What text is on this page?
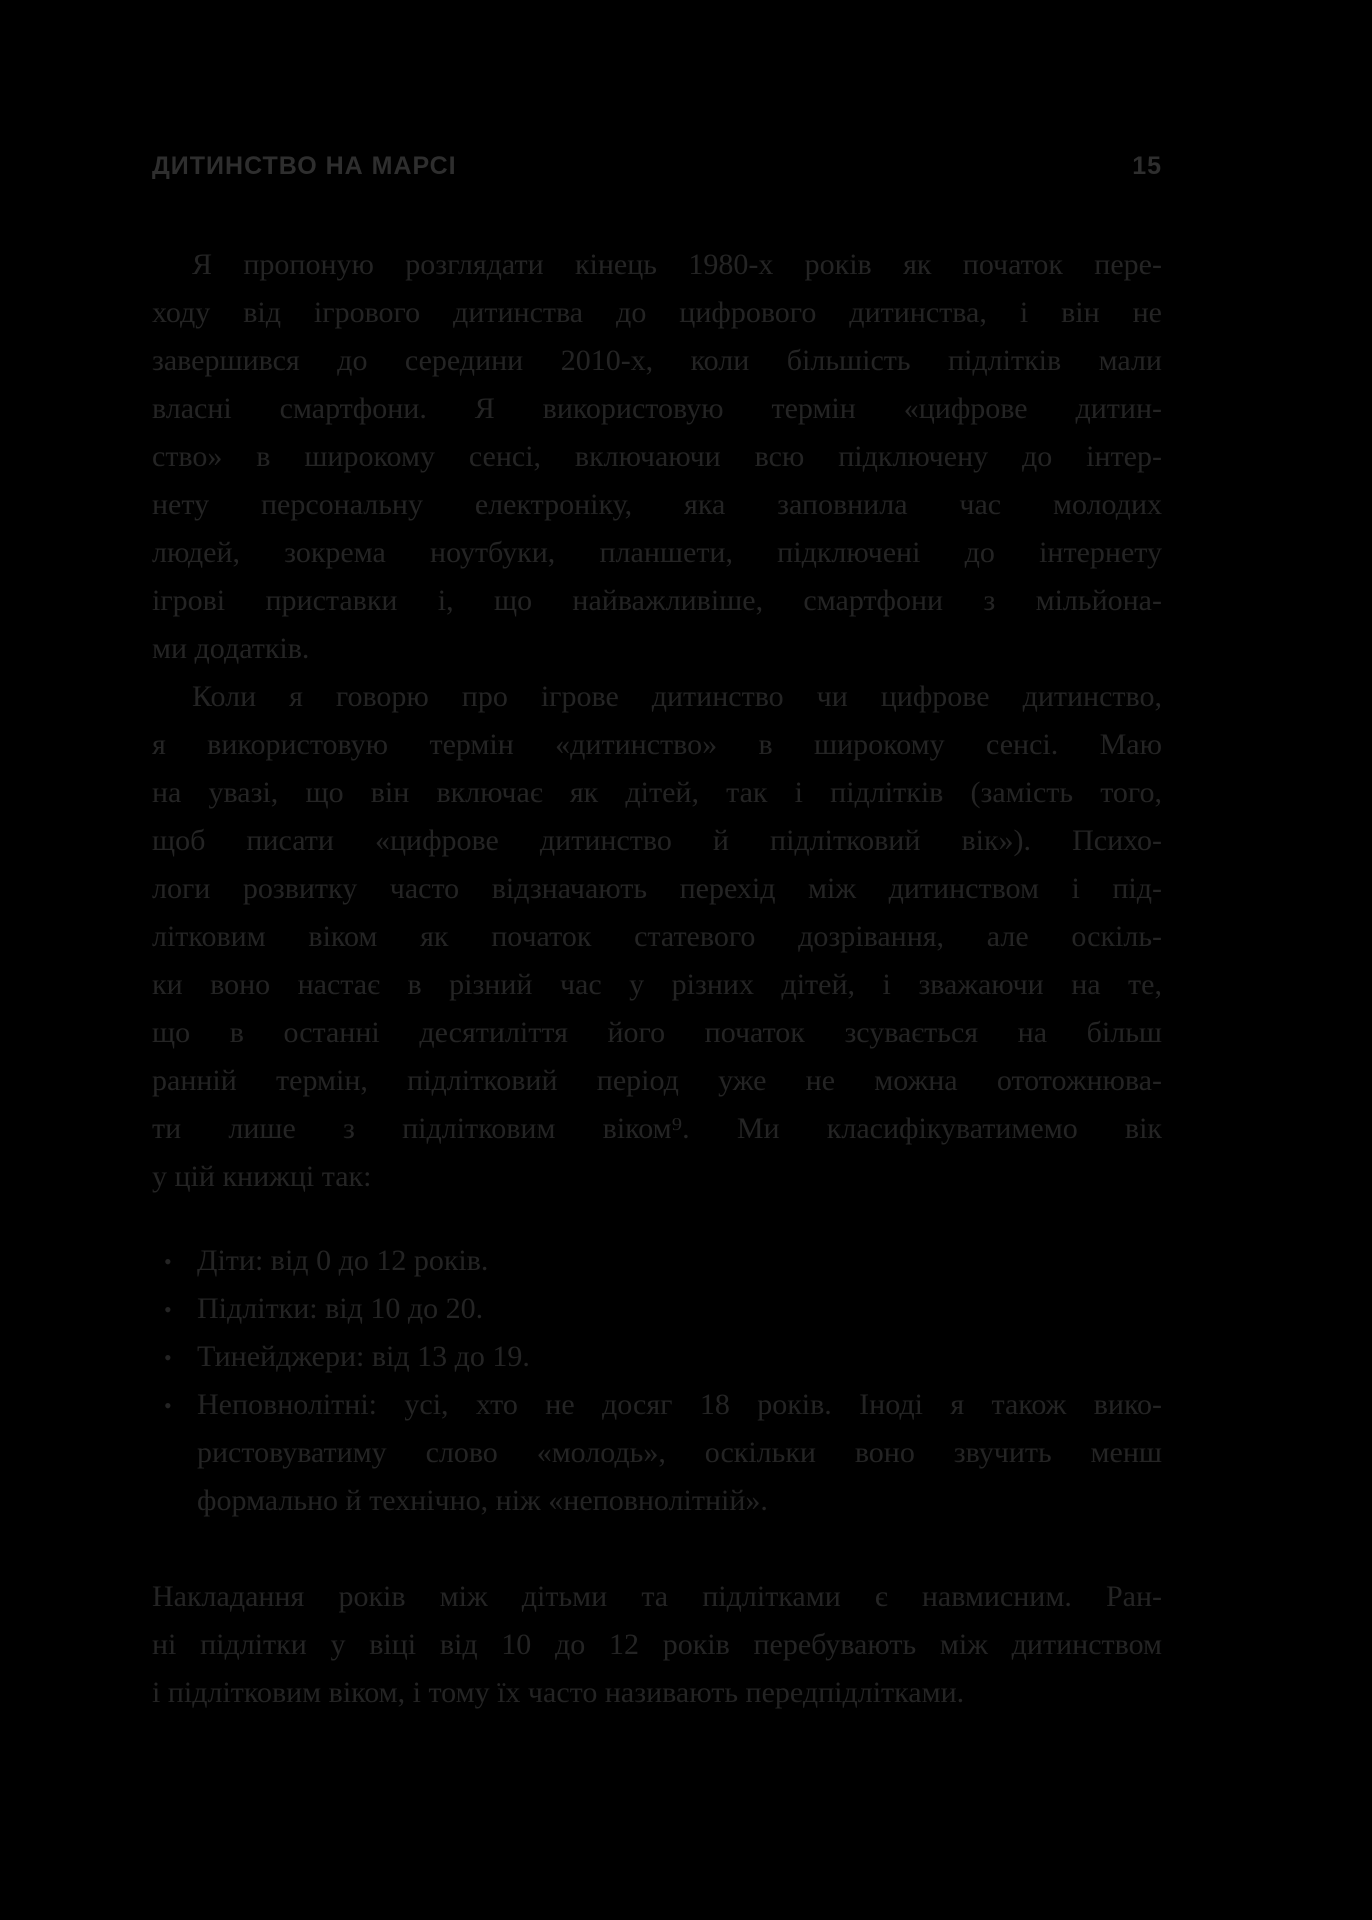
ДИТИНСТВО НА МАРСІ	15
Я пропоную розглядати кінець 1980-х років як початок пере-
ходу від ігрового дитинства до цифрового дитинства, і він не
завершився до середини 2010-х, коли більшість підлітків мали
власні смартфони. Я використовую термін «цифрове дитин-
ство» в широкому сенсі, включаючи всю підключену до інтер-
нету персональну електроніку, яка заповнила час молодих
людей, зокрема ноутбуки, планшети, підключені до інтернету
ігрові приставки і, що найважливіше, смартфони з мільйона-
ми додатків.
Коли я говорю про ігрове дитинство чи цифрове дитинство,
я використовую термін «дитинство» в широкому сенсі. Маю
на увазі, що він включає як дітей, так і підлітків (замість того,
щоб писати «цифрове дитинство й підлітковий вік»). Психо-
логи розвитку часто відзначають перехід між дитинством і під-
літковим віком як початок статевого дозрівання, але оскіль-
ки воно настає в різний час у різних дітей, і зважаючи на те,
що в останні десятиліття його початок зсувається на більш
ранній термін, підлітковий період уже не можна ототожнюва-
ти лише з підлітковим віком⁹. Ми класифікуватимемо вік
у цій книжці так:
• Діти: від 0 до 12 років.
• Підлітки: від 10 до 20.
• Тинейджери: від 13 до 19.
• Неповнолітні: усі, хто не досяг 18 років. Іноді я також вико-
ристовуватиму слово «молодь», оскільки воно звучить менш
формально й технічно, ніж «неповнолітній».
Накладання років між дітьми та підлітками є навмисним. Ран-
ні підлітки у віці від 10 до 12 років перебувають між дитинством
і підлітковим віком, і тому їх часто називають передпідлітками.
